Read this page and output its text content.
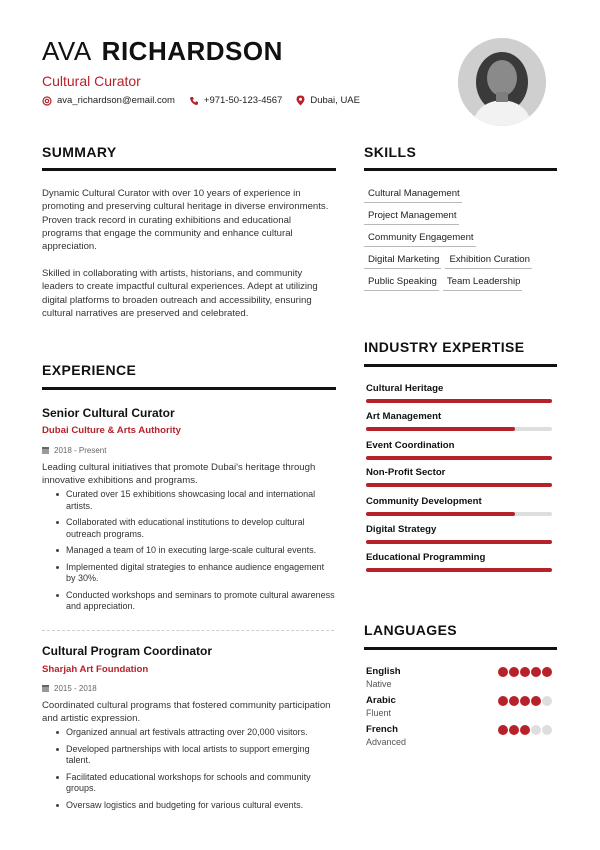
AVA RICHARDSON
Cultural Curator
ava_richardson@email.com	+971-50-123-4567	Dubai, UAE
SUMMARY
Dynamic Cultural Curator with over 10 years of experience in promoting and preserving cultural heritage in diverse environments. Proven track record in curating exhibitions and educational programs that engage the community and enhance cultural appreciation.
Skilled in collaborating with artists, historians, and community leaders to create impactful cultural experiences. Adept at utilizing digital platforms to broaden outreach and accessibility, ensuring cultural narratives are preserved and celebrated.
SKILLS
Cultural Management
Project Management
Community Engagement
Digital Marketing	Exhibition Curation
Public Speaking	Team Leadership
EXPERIENCE
Senior Cultural Curator
Dubai Culture & Arts Authority
2018 - Present
Leading cultural initiatives that promote Dubai's heritage through innovative exhibitions and programs.
Curated over 15 exhibitions showcasing local and international artists.
Collaborated with educational institutions to develop cultural outreach programs.
Managed a team of 10 in executing large-scale cultural events.
Implemented digital strategies to enhance audience engagement by 30%.
Conducted workshops and seminars to promote cultural awareness and appreciation.
Cultural Program Coordinator
Sharjah Art Foundation
2015 - 2018
Coordinated cultural programs that fostered community participation and artistic expression.
Organized annual art festivals attracting over 20,000 visitors.
Developed partnerships with local artists to support emerging talent.
Facilitated educational workshops for schools and community groups.
Oversaw logistics and budgeting for various cultural events.
INDUSTRY EXPERTISE
Cultural Heritage
Art Management
Event Coordination
Non-Profit Sector
Community Development
Digital Strategy
Educational Programming
LANGUAGES
English
Native
Arabic
Fluent
French
Advanced
